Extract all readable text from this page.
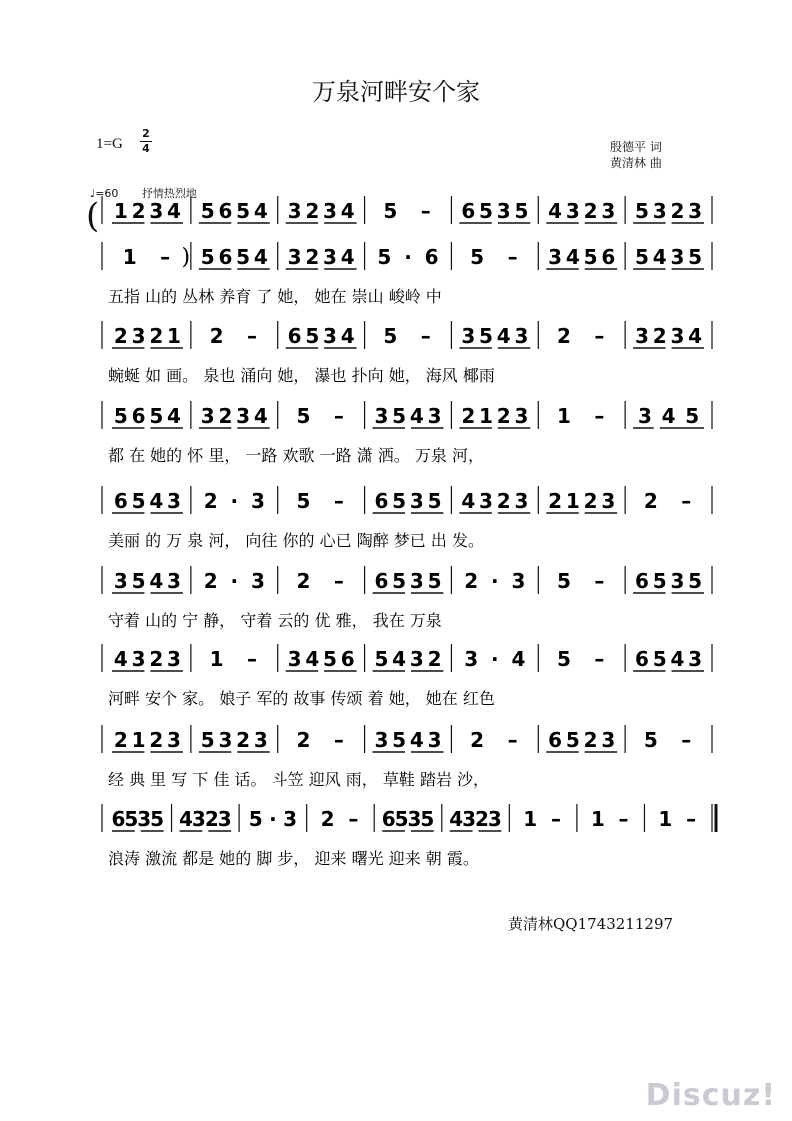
万泉河畔安个家
1=G
2
4	殷德平 词
黄清林 曲
♩=60 抒情热烈地
( 1 2 3 4 5 6 5 4 3 2 3 4 5 – 6 5 3 5 4 3 2 3 5 3 2 3
1 – ) 5 6 5 4 3 2 3 4 5 · 6 5 – 3 4 5 6 5 4 3 5
五指 山的 丛林 养育 了 她， 她在 崇山 峻岭 中
2 3 2 1 2 – 6 5 3 4 5 – 3 5 4 3 2 – 3 2 3 4
蜿蜒 如 画。 泉也 涌向 她， 瀑也 扑向 她， 海风 椰雨
5 6 5 4 3 2 3 4 5 – 3 5 4 3 2 1 2 3 1 – 3 4 5
都 在 她的 怀 里， 一路 欢歌 一路 潇 洒。 万泉 河，
6 5 4 3 2 · 3 5 – 6 5 3 5 4 3 2 3 2 1 2 3 2 –
美丽 的 万 泉 河， 向往 你的 心已 陶醉 梦已 出 发。
3 5 4 3 2 · 3 2 – 6 5 3 5 2 · 3 5 – 6 5 3 5
守着 山的 宁 静， 守着 云的 优 雅， 我在 万泉
4 3 2 3 1 – 3 4 5 6 5 4 3 2 3 · 4 5 – 6 5 4 3
河畔 安个 家。 娘子 军的 故事 传颂 着 她， 她在 红色
2 1 2 3 5 3 2 3 2 – 3 5 4 3 2 – 6 5 2 3 5 –
经 典 里 写 下 佳 话。 斗笠 迎风 雨， 草鞋 踏岩 沙，
6
5
3
5 4
3
2
3 5 · 3 2 – 6
5
3
5 4
3
2
3 1 – 1 – 1 –
浪涛 激流 都是 她的 脚 步， 迎来 曙光 迎来 朝 霞。
黄清林QQ1743211297
Discuz!
